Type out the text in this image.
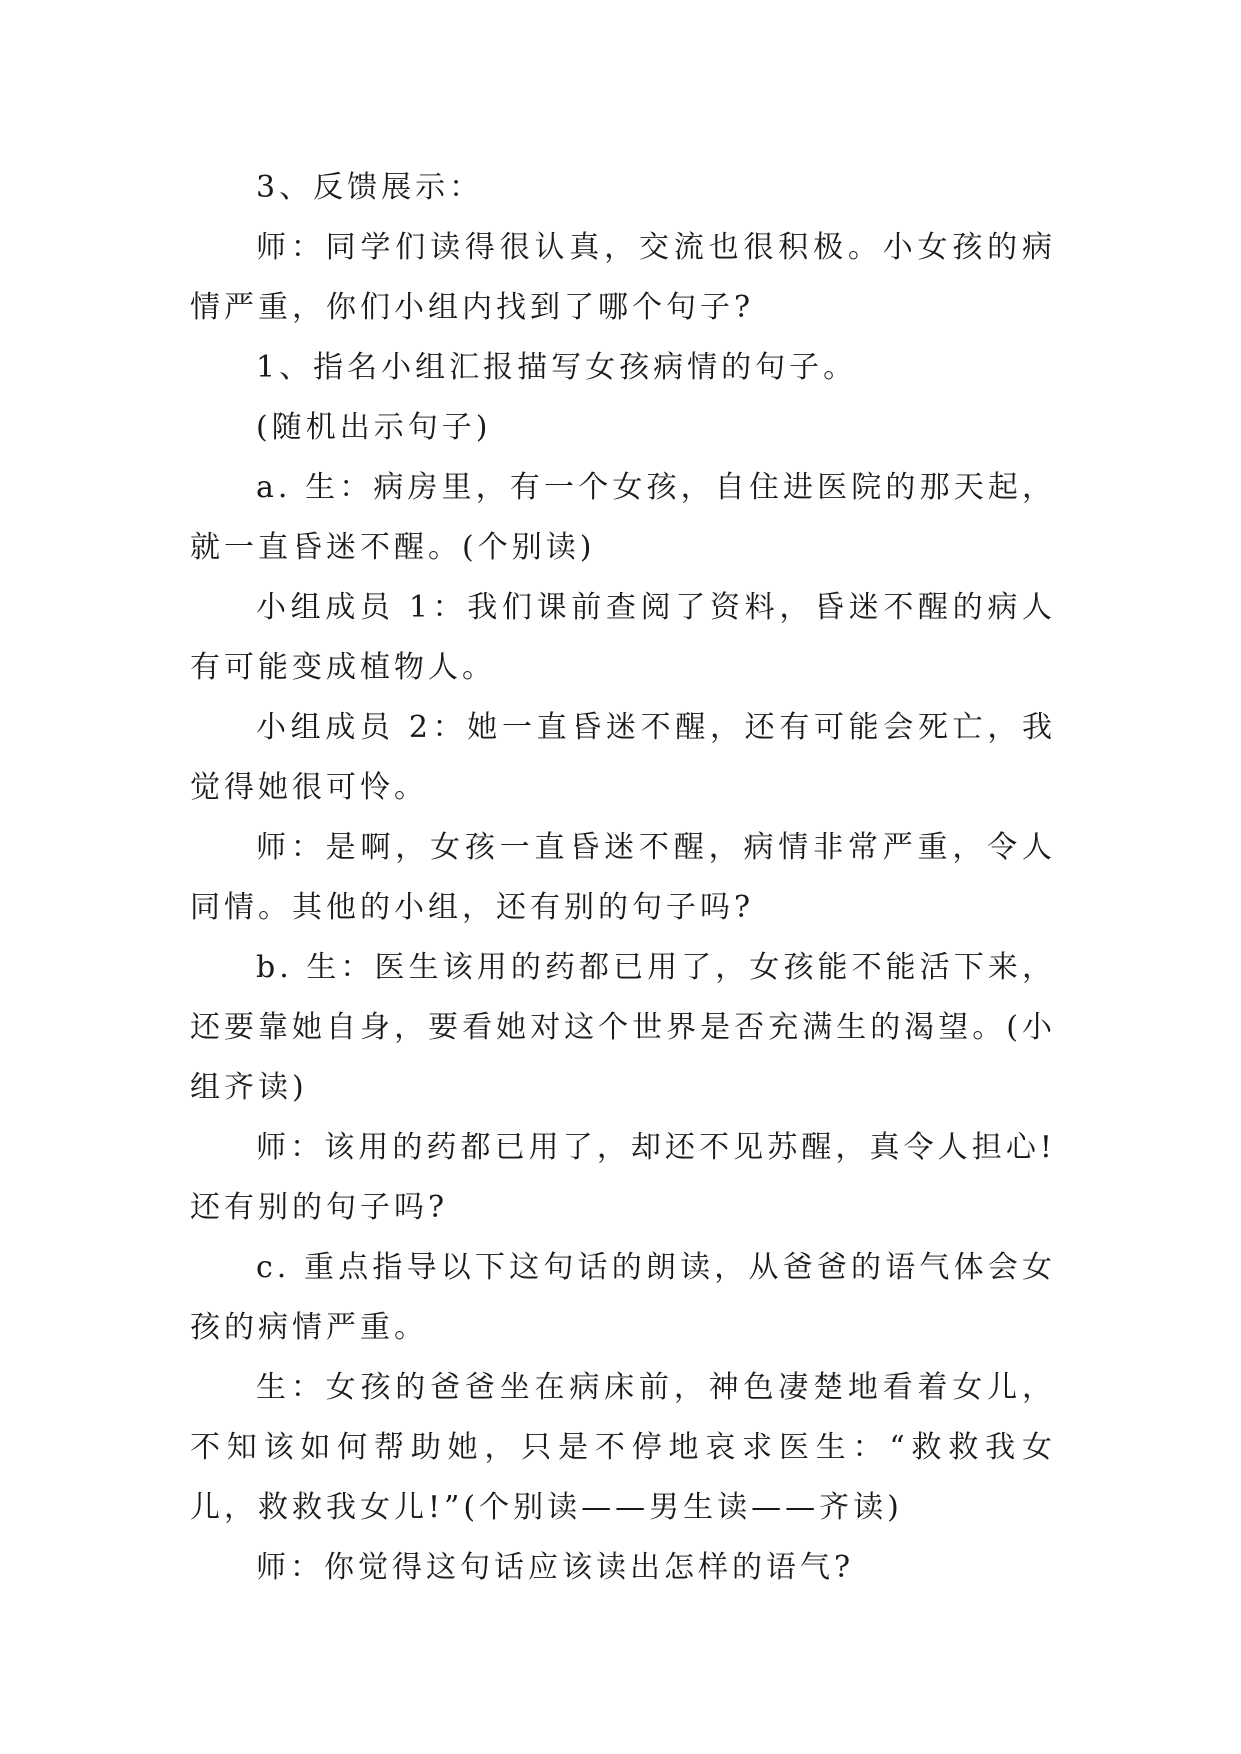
3、反馈展示：

师：同学们读得很认真，交流也很积极。小女孩的病情严重，你们小组内找到了哪个句子?

1、指名小组汇报描写女孩病情的句子。

(随机出示句子)

a. 生：病房里，有一个女孩，自住进医院的那天起，就一直昏迷不醒。(个别读)

小组成员 1：我们课前查阅了资料，昏迷不醒的病人有可能变成植物人。

小组成员 2：她一直昏迷不醒，还有可能会死亡，我觉得她很可怜。

师：是啊，女孩一直昏迷不醒，病情非常严重，令人同情。其他的小组，还有别的句子吗?

b. 生：医生该用的药都已用了，女孩能不能活下来，还要靠她自身，要看她对这个世界是否充满生的渴望。(小组齐读)

师：该用的药都已用了，却还不见苏醒，真令人担心!还有别的句子吗?

c. 重点指导以下这句话的朗读，从爸爸的语气体会女孩的病情严重。

生：女孩的爸爸坐在病床前，神色凄楚地看着女儿，不知该如何帮助她，只是不停地哀求医生：“救救我女儿，救救我女儿!”(个别读——男生读——齐读)

师：你觉得这句话应该读出怎样的语气?
